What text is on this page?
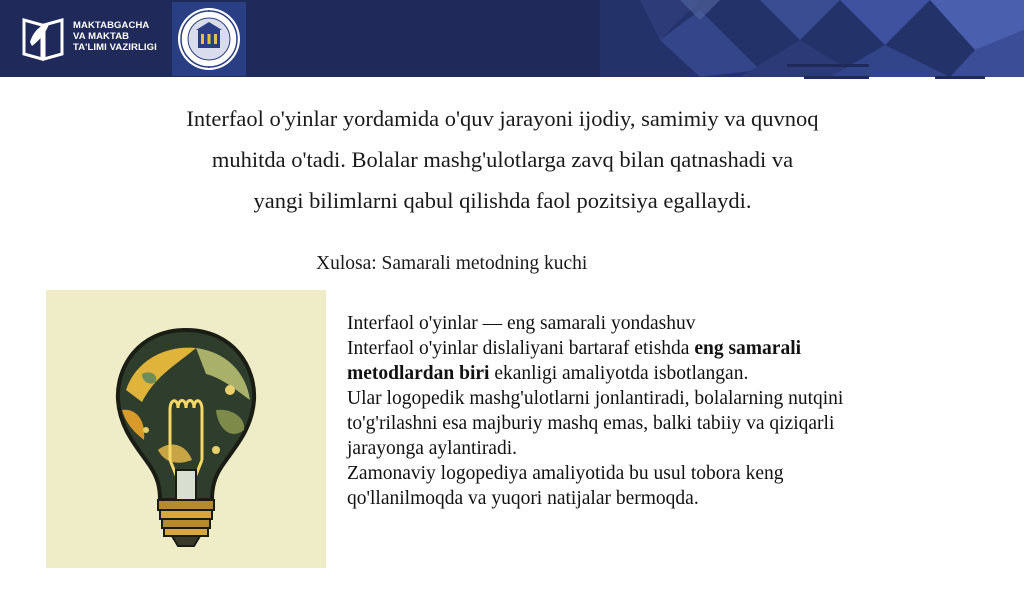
MAKTABGACHA
VA MAKTAB
TA'LIMI VAZIRLIGI
Interfaol o'yinlar yordamida o'quv jarayoni ijodiy, samimiy va quvnoq
muhitda o'tadi. Bolalar mashg'ulotlarga zavq bilan qatnashadi va
yangi bilimlarni qabul qilishda faol pozitsiya egallaydi.
Xulosa: Samarali metodning kuchi
Interfaol o'yinlar — eng samarali yondashuv
Interfaol o'yinlar dislaliyani bartaraf etishda eng samarali
metodlardan biri ekanligi amaliyotda isbotlangan.
Ular logopedik mashg'ulotlarni jonlantiradi, bolalarning nutqini
to'g'rilashni esa majburiy mashq emas, balki tabiiy va qiziqarli
jarayonga aylantiradi.
Zamonaviy logopediya amaliyotida bu usul tobora keng
qo'llanilmoqda va yuqori natijalar bermoqda.
